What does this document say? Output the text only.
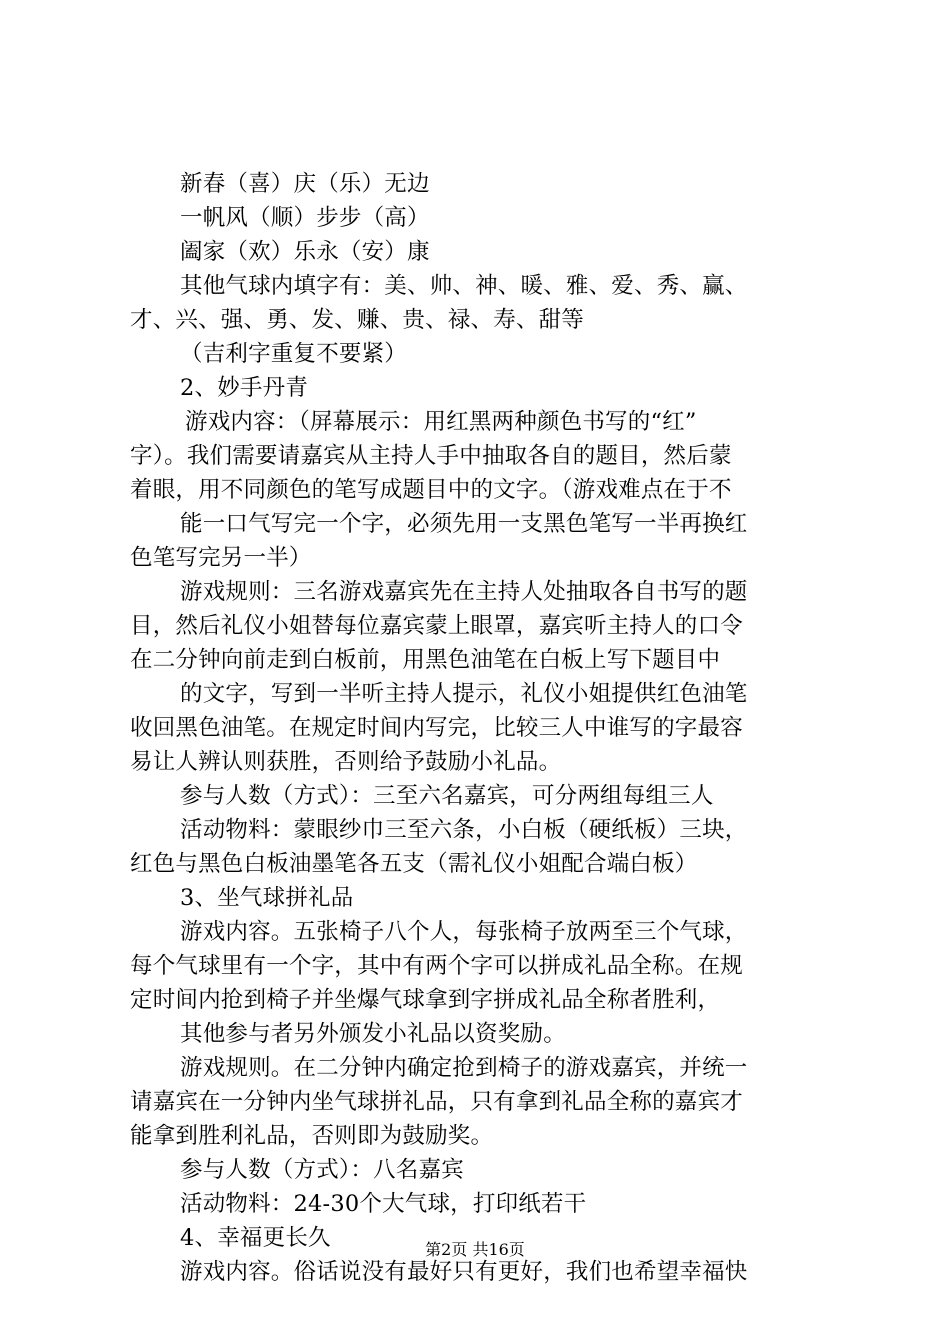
新春（喜）庆（乐）无边
一帆风（顺）步步（高）
阖家（欢）乐永（安）康
其他气球内填字有：美、帅、神、暖、雅、爱、秀、赢、
才、兴、强、勇、发、赚、贵、禄、寿、甜等
（吉利字重复不要紧）
2、妙手丹青
游戏内容：（屏幕展示：用红黑两种颜色书写的“红”
字）。我们需要请嘉宾从主持人手中抽取各自的题目，然后蒙
着眼，用不同颜色的笔写成题目中的文字。（游戏难点在于不
能一口气写完一个字，必须先用一支黑色笔写一半再换红
色笔写完另一半）
游戏规则：三名游戏嘉宾先在主持人处抽取各自书写的题
目，然后礼仪小姐替每位嘉宾蒙上眼罩，嘉宾听主持人的口令
在二分钟向前走到白板前，用黑色油笔在白板上写下题目中
的文字，写到一半听主持人提示，礼仪小姐提供红色油笔
收回黑色油笔。在规定时间内写完，比较三人中谁写的字最容
易让人辨认则获胜，否则给予鼓励小礼品。
参与人数（方式）：三至六名嘉宾，可分两组每组三人
活动物料：蒙眼纱巾三至六条，小白板（硬纸板）三块，
红色与黑色白板油墨笔各五支（需礼仪小姐配合端白板）
3、坐气球拼礼品
游戏内容。五张椅子八个人，每张椅子放两至三个气球，
每个气球里有一个字，其中有两个字可以拼成礼品全称。在规
定时间内抢到椅子并坐爆气球拿到字拼成礼品全称者胜利，
其他参与者另外颁发小礼品以资奖励。
游戏规则。在二分钟内确定抢到椅子的游戏嘉宾，并统一
请嘉宾在一分钟内坐气球拼礼品，只有拿到礼品全称的嘉宾才
能拿到胜利礼品，否则即为鼓励奖。
参与人数（方式）：八名嘉宾
活动物料：24-30个大气球，打印纸若干
4、幸福更长久
游戏内容。俗话说没有最好只有更好，我们也希望幸福快
第2页 共16页
